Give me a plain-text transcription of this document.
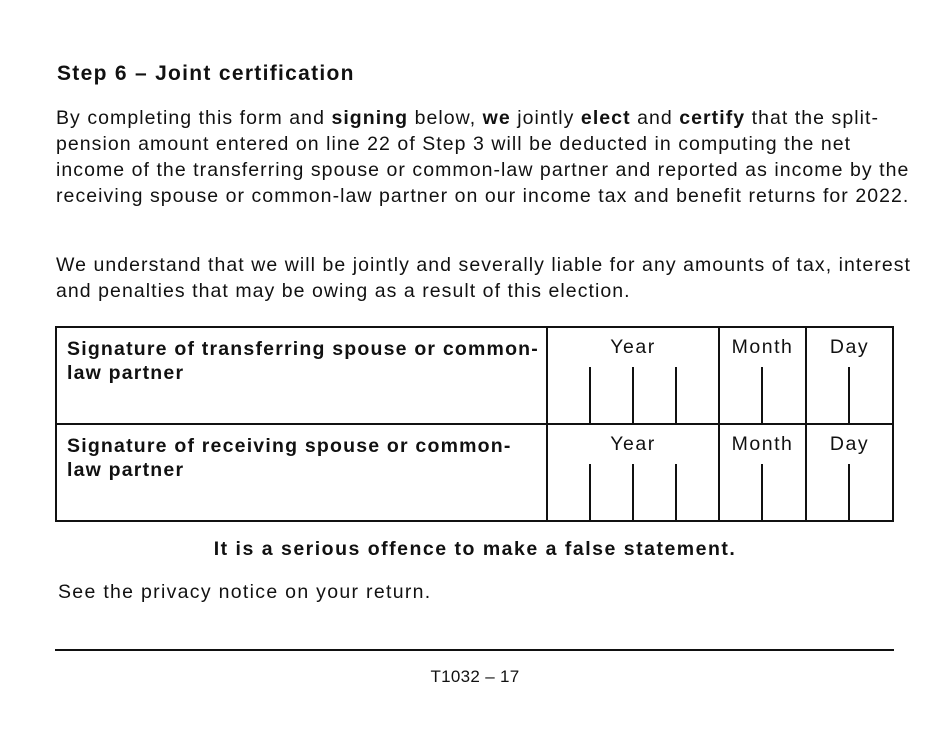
Step 6 – Joint certification
By completing this form and signing below, we jointly elect and certify that the split-pension amount entered on line 22 of Step 3 will be deducted in computing the net income of the transferring spouse or common-law partner and reported as income by the receiving spouse or common-law partner on our income tax and benefit returns for 2022.
We understand that we will be jointly and severally liable for any amounts of tax, interest and penalties that may be owing as a result of this election.
Signature of transferring spouse or common-law partner	Year	Month	Day

Signature of receiving spouse or common-law partner	Year	Month	Day
It is a serious offence to make a false statement.
See the privacy notice on your return.
T1032 – 17
